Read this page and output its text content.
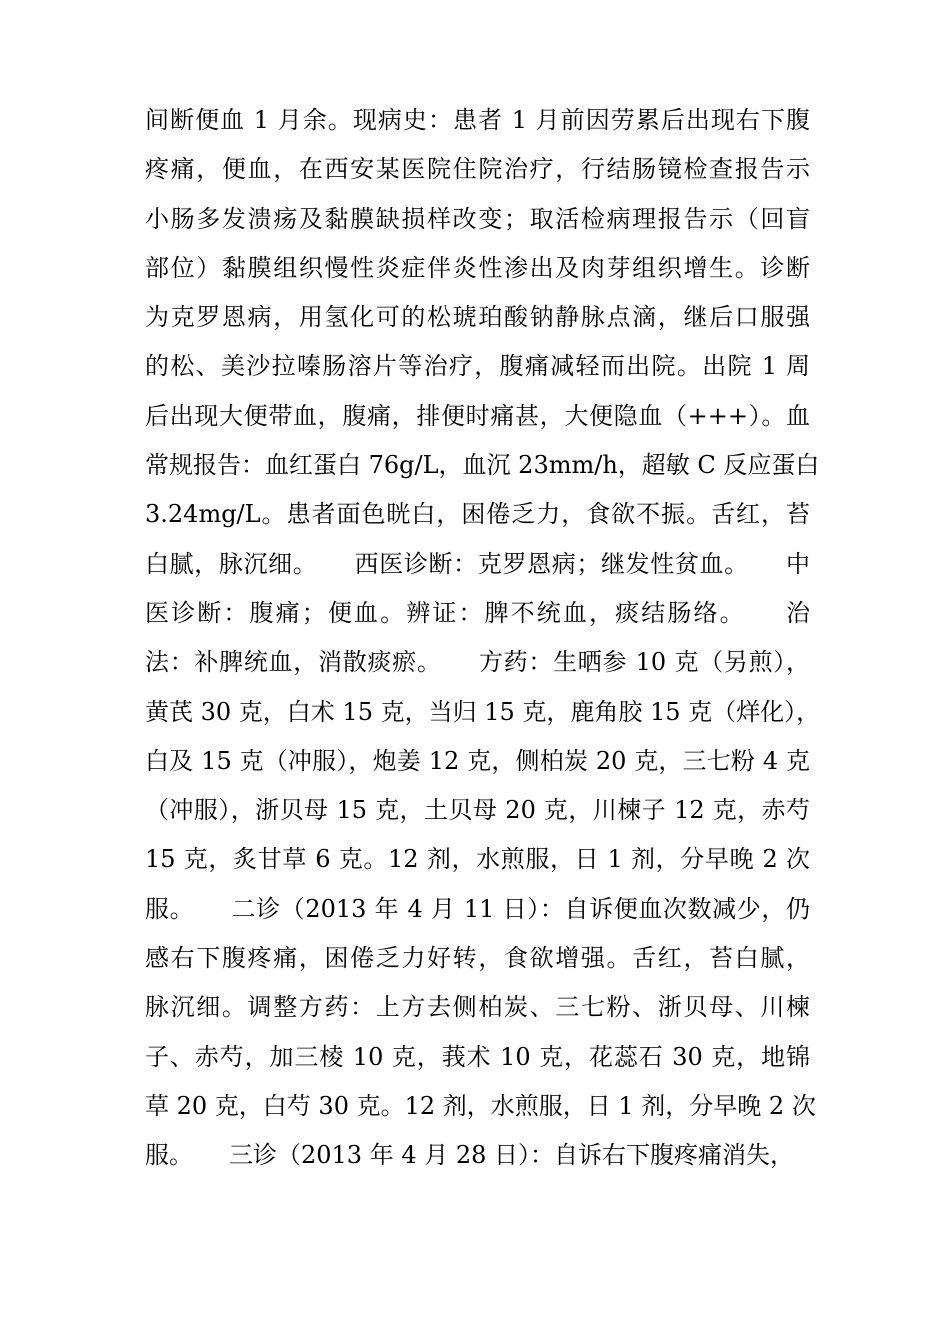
间断便血 1 月余。现病史：患者 1 月前因劳累后出现右下腹
疼痛，便血，在西安某医院住院治疗，行结肠镜检查报告示
小肠多发溃疡及黏膜缺损样改变；取活检病理报告示（回盲
部位）黏膜组织慢性炎症伴炎性渗出及肉芽组织增生。诊断
为克罗恩病，用氢化可的松琥珀酸钠静脉点滴，继后口服强
的松、美沙拉嗪肠溶片等治疗，腹痛减轻而出院。出院 1 周
后出现大便带血，腹痛，排便时痛甚，大便隐血（+++）。血
常规报告：血红蛋白 76g/L，血沉 23mm/h，超敏 C 反应蛋白
3.24mg/L。患者面色晄白，困倦乏力，食欲不振。舌红，苔
白腻，脉沉细。　　西医诊断：克罗恩病；继发性贫血。　　中
医诊断：腹痛；便血。辨证：脾不统血，痰结肠络。　　治
法：补脾统血，消散痰瘀。　　方药：生晒参 10 克（另煎），
黄芪 30 克，白术 15 克，当归 15 克，鹿角胶 15 克（烊化），
白及 15 克（冲服），炮姜 12 克，侧柏炭 20 克，三七粉 4 克
（冲服），浙贝母 15 克，土贝母 20 克，川楝子 12 克，赤芍
15 克，炙甘草 6 克。12 剂，水煎服，日 1 剂，分早晚 2 次
服。　　二诊（2013 年 4 月 11 日）：自诉便血次数减少，仍
感右下腹疼痛，困倦乏力好转，食欲增强。舌红，苔白腻，
脉沉细。调整方药：上方去侧柏炭、三七粉、浙贝母、川楝
子、赤芍，加三棱 10 克，莪术 10 克，花蕊石 30 克，地锦
草 20 克，白芍 30 克。12 剂，水煎服，日 1 剂，分早晚 2 次
服。　　三诊（2013 年 4 月 28 日）：自诉右下腹疼痛消失，
